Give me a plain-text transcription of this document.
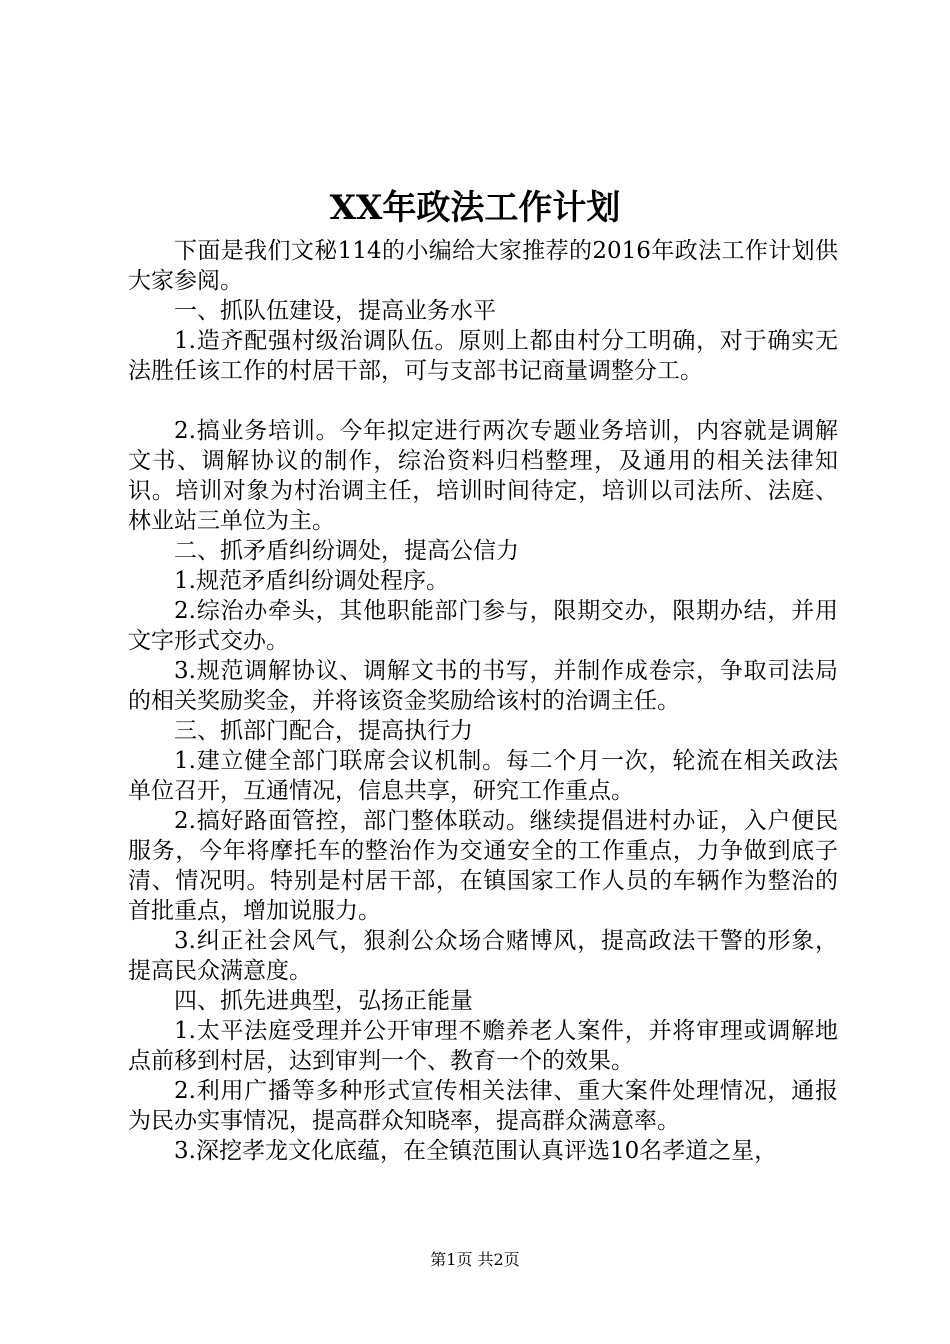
XX年政法工作计划

下面是我们文秘114的小编给大家推荐的2016年政法工作计划供大家参阅。

一、抓队伍建设，提高业务水平

1.造齐配强村级治调队伍。原则上都由村分工明确，对于确实无法胜任该工作的村居干部，可与支部书记商量调整分工。

2.搞业务培训。今年拟定进行两次专题业务培训，内容就是调解文书、调解协议的制作，综治资料归档整理，及通用的相关法律知识。培训对象为村治调主任，培训时间待定，培训以司法所、法庭、林业站三单位为主。

二、抓矛盾纠纷调处，提高公信力

1.规范矛盾纠纷调处程序。

2.综治办牵头，其他职能部门参与，限期交办，限期办结，并用文字形式交办。

3.规范调解协议、调解文书的书写，并制作成卷宗，争取司法局的相关奖励奖金，并将该资金奖励给该村的治调主任。

三、抓部门配合，提高执行力

1.建立健全部门联席会议机制。每二个月一次，轮流在相关政法单位召开，互通情况，信息共享，研究工作重点。

2.搞好路面管控，部门整体联动。继续提倡进村办证，入户便民服务，今年将摩托车的整治作为交通安全的工作重点，力争做到底子清、情况明。特别是村居干部，在镇国家工作人员的车辆作为整治的首批重点，增加说服力。

3.纠正社会风气，狠刹公众场合赌博风，提高政法干警的形象，提高民众满意度。

四、抓先进典型，弘扬正能量

1.太平法庭受理并公开审理不赡养老人案件，并将审理或调解地点前移到村居，达到审判一个、教育一个的效果。

2.利用广播等多种形式宣传相关法律、重大案件处理情况，通报为民办实事情况，提高群众知晓率，提高群众满意率。

3.深挖孝龙文化底蕴，在全镇范围认真评选10名孝道之星，

第1页 共2页
